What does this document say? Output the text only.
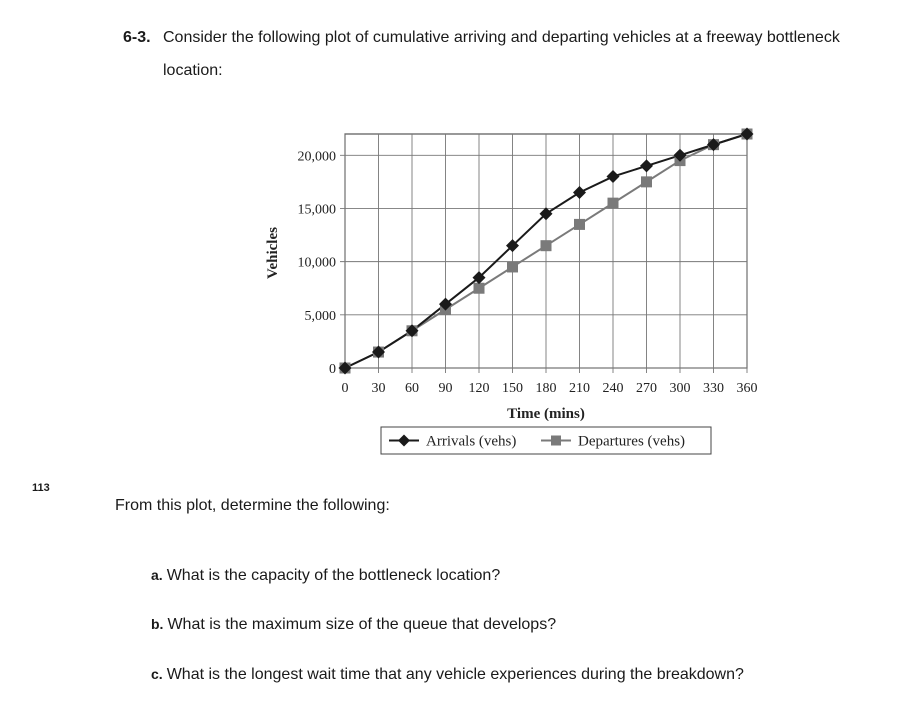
6-3. Consider the following plot of cumulative arriving and departing vehicles at a freeway bottleneck
location:
0 30 60 90 120 150 180 210 240 270 300 330 360
0
5,000
10,000
15,000
20,000
Time (mins)
Vehicles
Arrivals (vehs)	Departures (vehs)
113
From this plot, determine the following:
a. What is the capacity of the bottleneck location?
b. What is the maximum size of the queue that develops?
c. What is the longest wait time that any vehicle experiences during the breakdown?
